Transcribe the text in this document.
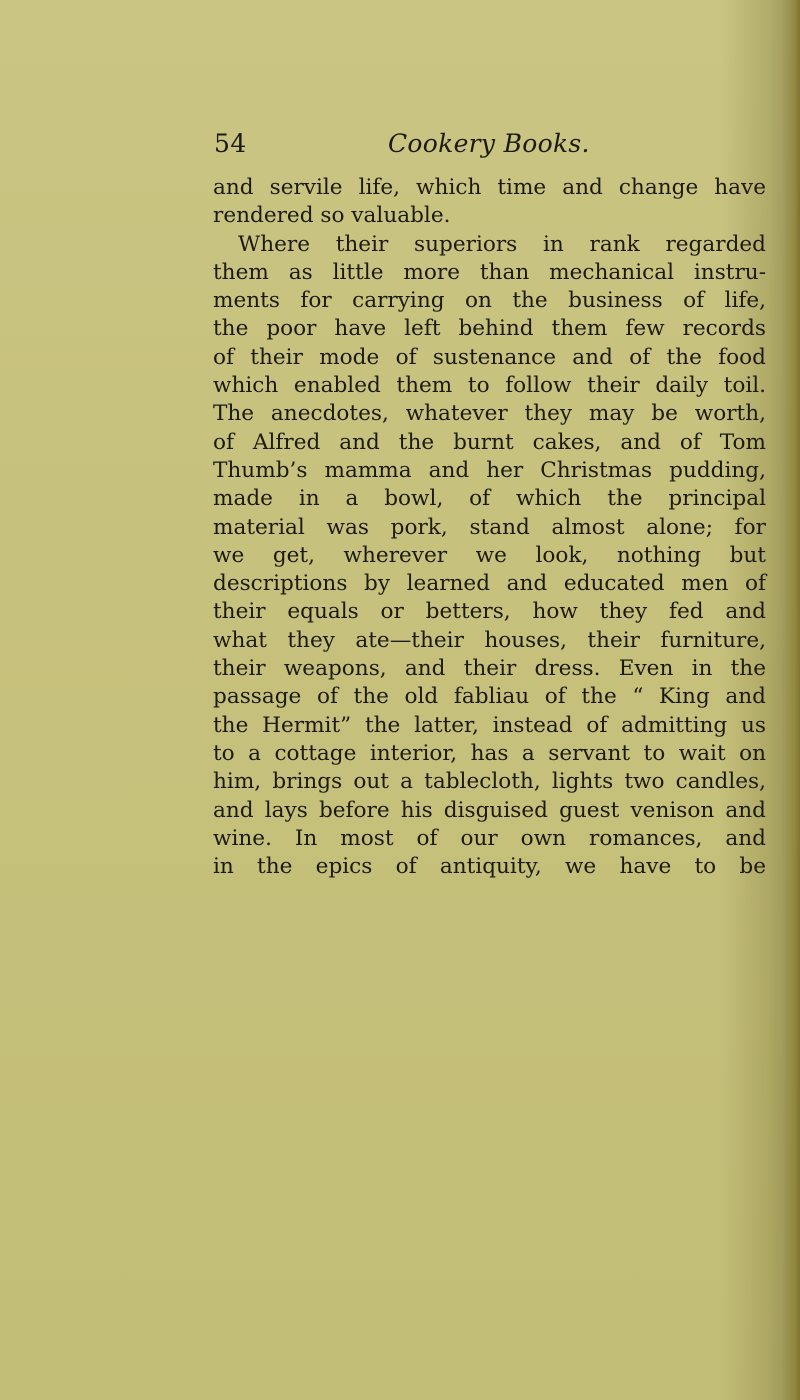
54	Cookery Books.
and servile life, which time and change have
rendered so valuable.
Where their superiors in rank regarded
them as little more than mechanical instru-
ments for carrying on the business of life,
the poor have left behind them few records
of their mode of sustenance and of the food
which enabled them to follow their daily toil.
The anecdotes, whatever they may be worth,
of Alfred and the burnt cakes, and of Tom
Thumb’s mamma and her Christmas pudding,
made in a bowl, of which the principal
material was pork, stand almost alone; for
we get, wherever we look, nothing but
descriptions by learned and educated men of
their equals or betters, how they fed and
what they ate—their houses, their furniture,
their weapons, and their dress. Even in the
passage of the old fabliau of the “ King and
the Hermit” the latter, instead of admitting us
to a cottage interior, has a servant to wait on
him, brings out a tablecloth, lights two candles,
and lays before his disguised guest venison and
wine. In most of our own romances, and
in the epics of antiquity, we have to be
